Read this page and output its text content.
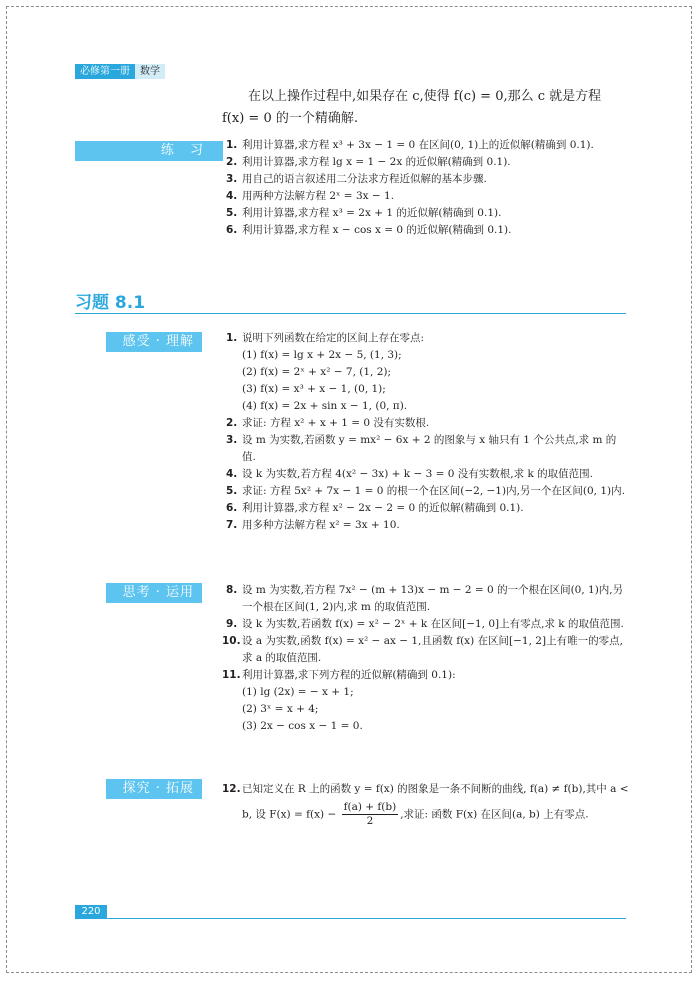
必修第一册	数学

在以上操作过程中,如果存在 c,使得 f(c) = 0,那么 c 就是方程

f(x) = 0 的一个精确解.

练 习	1. 利用计算器,求方程 x³ + 3x − 1 = 0 在区间(0, 1)上的近似解(精确到 0.1).
2. 利用计算器,求方程 lg x = 1 − 2x 的近似解(精确到 0.1).
3. 用自己的语言叙述用二分法求方程近似解的基本步骤.
4. 用两种方法解方程 2ˣ = 3x − 1.
5. 利用计算器,求方程 x³ = 2x + 1 的近似解(精确到 0.1).
6. 利用计算器,求方程 x − cos x = 0 的近似解(精确到 0.1).
习题 8.1
感受 · 理解	1. 说明下列函数在给定的区间上存在零点:
(1) f(x) = lg x + 2x − 5, (1, 3);
(2) f(x) = 2ˣ + x² − 7, (1, 2);
(3) f(x) = x³ + x − 1, (0, 1);
(4) f(x) = 2x + sin x − 1, (0, π).
2. 求证: 方程 x² + x + 1 = 0 没有实数根.
3. 设 m 为实数,若函数 y = mx² − 6x + 2 的图象与 x 轴只有 1 个公共点,求 m 的值.
4. 设 k 为实数,若方程 4(x² − 3x) + k − 3 = 0 没有实数根,求 k 的取值范围.
5. 求证: 方程 5x² + 7x − 1 = 0 的根一个在区间(−2, −1)内,另一个在区间(0, 1)内.
6. 利用计算器,求方程 x² − 2x − 2 = 0 的近似解(精确到 0.1).
7. 用多种方法解方程 x² = 3x + 10.
思考 · 运用	8. 设 m 为实数,若方程 7x² − (m + 13)x − m − 2 = 0 的一个根在区间(0, 1)内,另一个根在区间(1, 2)内,求 m 的取值范围.
9. 设 k 为实数,若函数 f(x) = x² − 2ˣ + k 在区间[−1, 0]上有零点,求 k 的取值范围.
10. 设 a 为实数,函数 f(x) = x² − ax − 1,且函数 f(x) 在区间[−1, 2]上有唯一的零点,求 a 的取值范围.
11. 利用计算器,求下列方程的近似解(精确到 0.1):
(1) lg (2x) = − x + 1;
(2) 3ˣ = x + 4;
(3) 2x − cos x − 1 = 0.
探究 · 拓展	12. 已知定义在 R 上的函数 y = f(x) 的图象是一条不间断的曲线, f(a) ≠ f(b),其中 a < b, 设 $F(x) = f(x) - \frac{f(a) + f(b)}{2}$ ,求证: 函数 F(x) 在区间(a, b) 上有零点.
220
